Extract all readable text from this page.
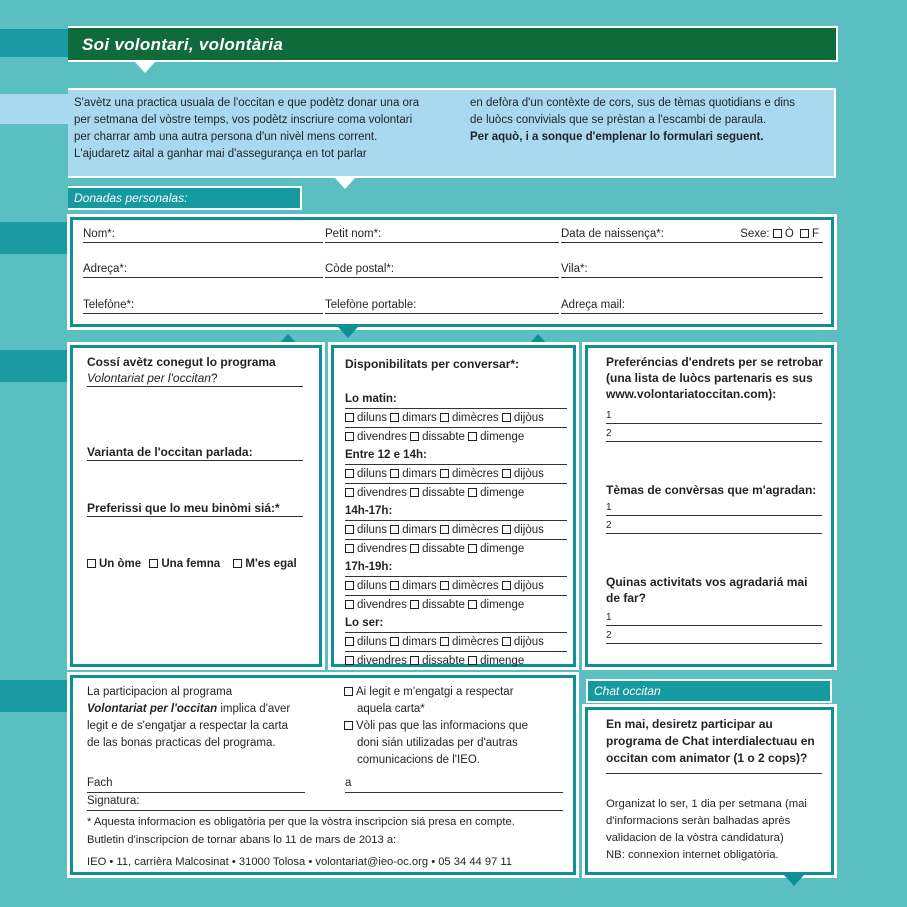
Soi volontari, volontària
S'avètz una practica usuala de l'occitan e que podètz donar una ora
per setmana del vòstre temps, vos podètz inscriure coma volontari
per charrar amb una autra persona d'un nivèl mens corrent.
L'ajudaretz aital a ganhar mai d'assegurança en tot parlar
en defòra d'un contèxte de cors, sus de tèmas quotidians e dins
de luòcs convivials que se prèstan a l'escambi de paraula.
Per aquò, i a sonque d'emplenar lo formulari seguent.
Donadas personalas:
Nom*:	Petit nom*:	Data de naissença*:	Sexe: Ò F
Adreça*:	Còde postal*:	Vila*:
Telefòne*:	Telefòne portable:	Adreça mail:
Cossí avètz conegut lo programa
Volontariat per l'occitan?
Varianta de l'occitan parlada:
Preferissi que lo meu binòmi siá:*
Un òme Una femna M'es egal
Disponibilitats per conversar*:
Lo matin:
diluns dimars dimècres dijòus
divendres dissabte dimenge
Entre 12 e 14h:
diluns dimars dimècres dijòus
divendres dissabte dimenge
14h-17h:
diluns dimars dimècres dijòus
divendres dissabte dimenge
17h-19h:
diluns dimars dimècres dijòus
divendres dissabte dimenge
Lo ser:
diluns dimars dimècres dijòus
divendres dissabte dimenge
Preferéncias d'endrets per se retrobar
(una lista de luòcs partenaris es sus
www.volontariatoccitan.com):
1
2
Tèmas de convèrsas que m'agradan:
1
2
Quinas activitats vos agradariá mai
de far?
1
2
La participacion al programa
Volontariat per l'occitan implica d'aver
legit e de s'engatjar a respectar la carta
de las bonas practicas del programa.
Ai legit e m'engatgi a respectar
aquela carta*
Vòli pas que las informacions que
doni sián utilizadas per d'autras
comunicacions de l'IEO.
Fach	a
Signatura:
* Aquesta informacion es obligatòria per que la vòstra inscripcion siá presa en compte.
Butletin d'inscripcion de tornar abans lo 11 de mars de 2013 a:
IEO • 11, carrièra Malcosinat • 31000 Tolosa • volontariat@ieo-oc.org • 05 34 44 97 11
Chat occitan
En mai, desiretz participar au
programa de Chat interdialectuau en
occitan com animator (1 o 2 cops)?
Organizat lo ser, 1 dia per setmana (mai
d'informacions seràn balhadas après
validacion de la vòstra candidatura)
NB: connexion internet obligatòria.
